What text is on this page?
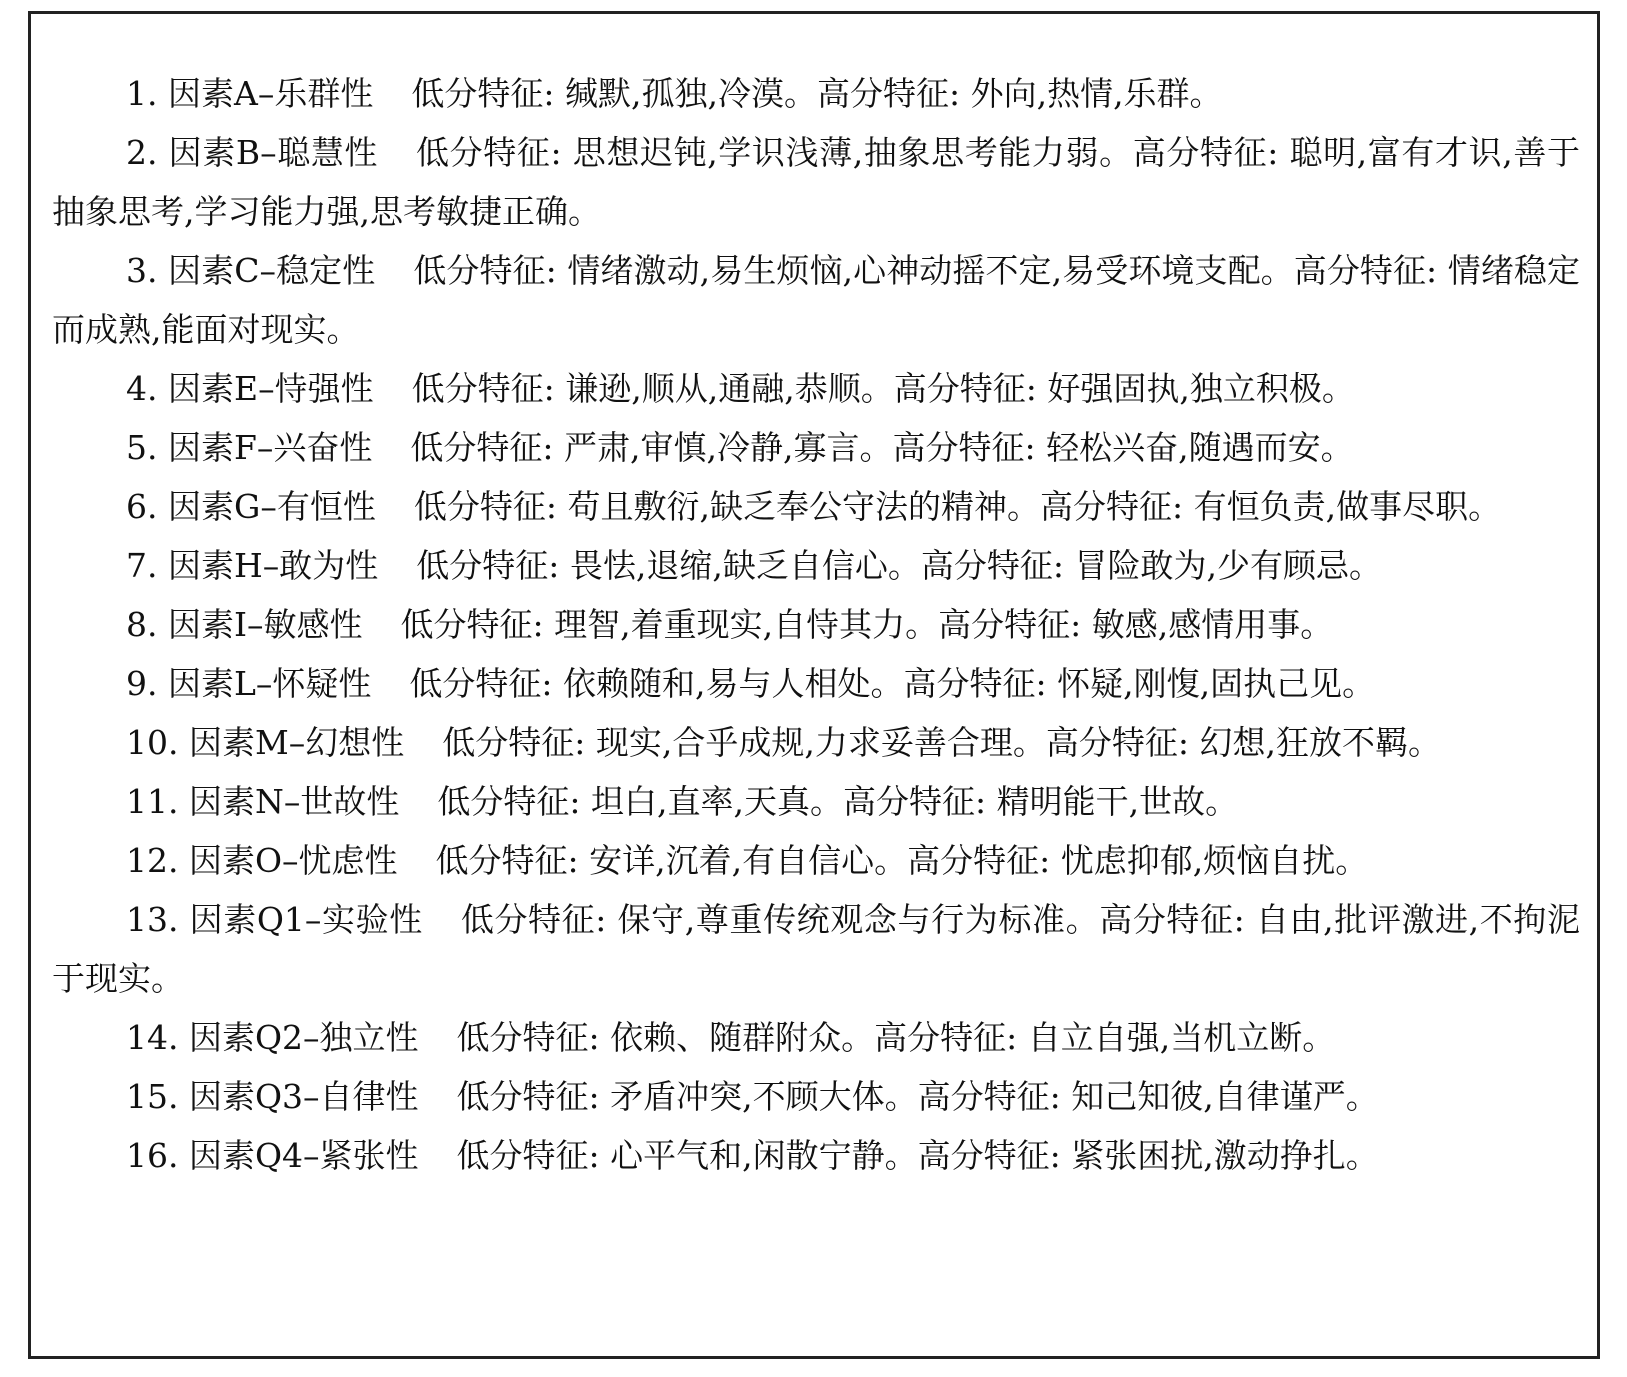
1. 因素A–乐群性 低分特征: 缄默,孤独,冷漠。高分特征: 外向,热情,乐群。

2. 因素B–聪慧性 低分特征: 思想迟钝,学识浅薄,抽象思考能力弱。高分特征: 聪明,富有才识,善于抽象思考,学习能力强,思考敏捷正确。

3. 因素C–稳定性 低分特征: 情绪激动,易生烦恼,心神动摇不定,易受环境支配。高分特征: 情绪稳定而成熟,能面对现实。

4. 因素E–恃强性 低分特征: 谦逊,顺从,通融,恭顺。高分特征: 好强固执,独立积极。

5. 因素F–兴奋性 低分特征: 严肃,审慎,冷静,寡言。高分特征: 轻松兴奋,随遇而安。

6. 因素G–有恒性 低分特征: 苟且敷衍,缺乏奉公守法的精神。高分特征: 有恒负责,做事尽职。

7. 因素H–敢为性 低分特征: 畏怯,退缩,缺乏自信心。高分特征: 冒险敢为,少有顾忌。

8. 因素I–敏感性 低分特征: 理智,着重现实,自恃其力。高分特征: 敏感,感情用事。

9. 因素L–怀疑性 低分特征: 依赖随和,易与人相处。高分特征: 怀疑,刚愎,固执己见。

10. 因素M–幻想性 低分特征: 现实,合乎成规,力求妥善合理。高分特征: 幻想,狂放不羁。

11. 因素N–世故性 低分特征: 坦白,直率,天真。高分特征: 精明能干,世故。

12. 因素O–忧虑性 低分特征: 安详,沉着,有自信心。高分特征: 忧虑抑郁,烦恼自扰。

13. 因素Q1–实验性 低分特征: 保守,尊重传统观念与行为标准。高分特征: 自由,批评激进,不拘泥于现实。

14. 因素Q2–独立性 低分特征: 依赖、随群附众。高分特征: 自立自强,当机立断。

15. 因素Q3–自律性 低分特征: 矛盾冲突,不顾大体。高分特征: 知己知彼,自律谨严。

16. 因素Q4–紧张性 低分特征: 心平气和,闲散宁静。高分特征: 紧张困扰,激动挣扎。
